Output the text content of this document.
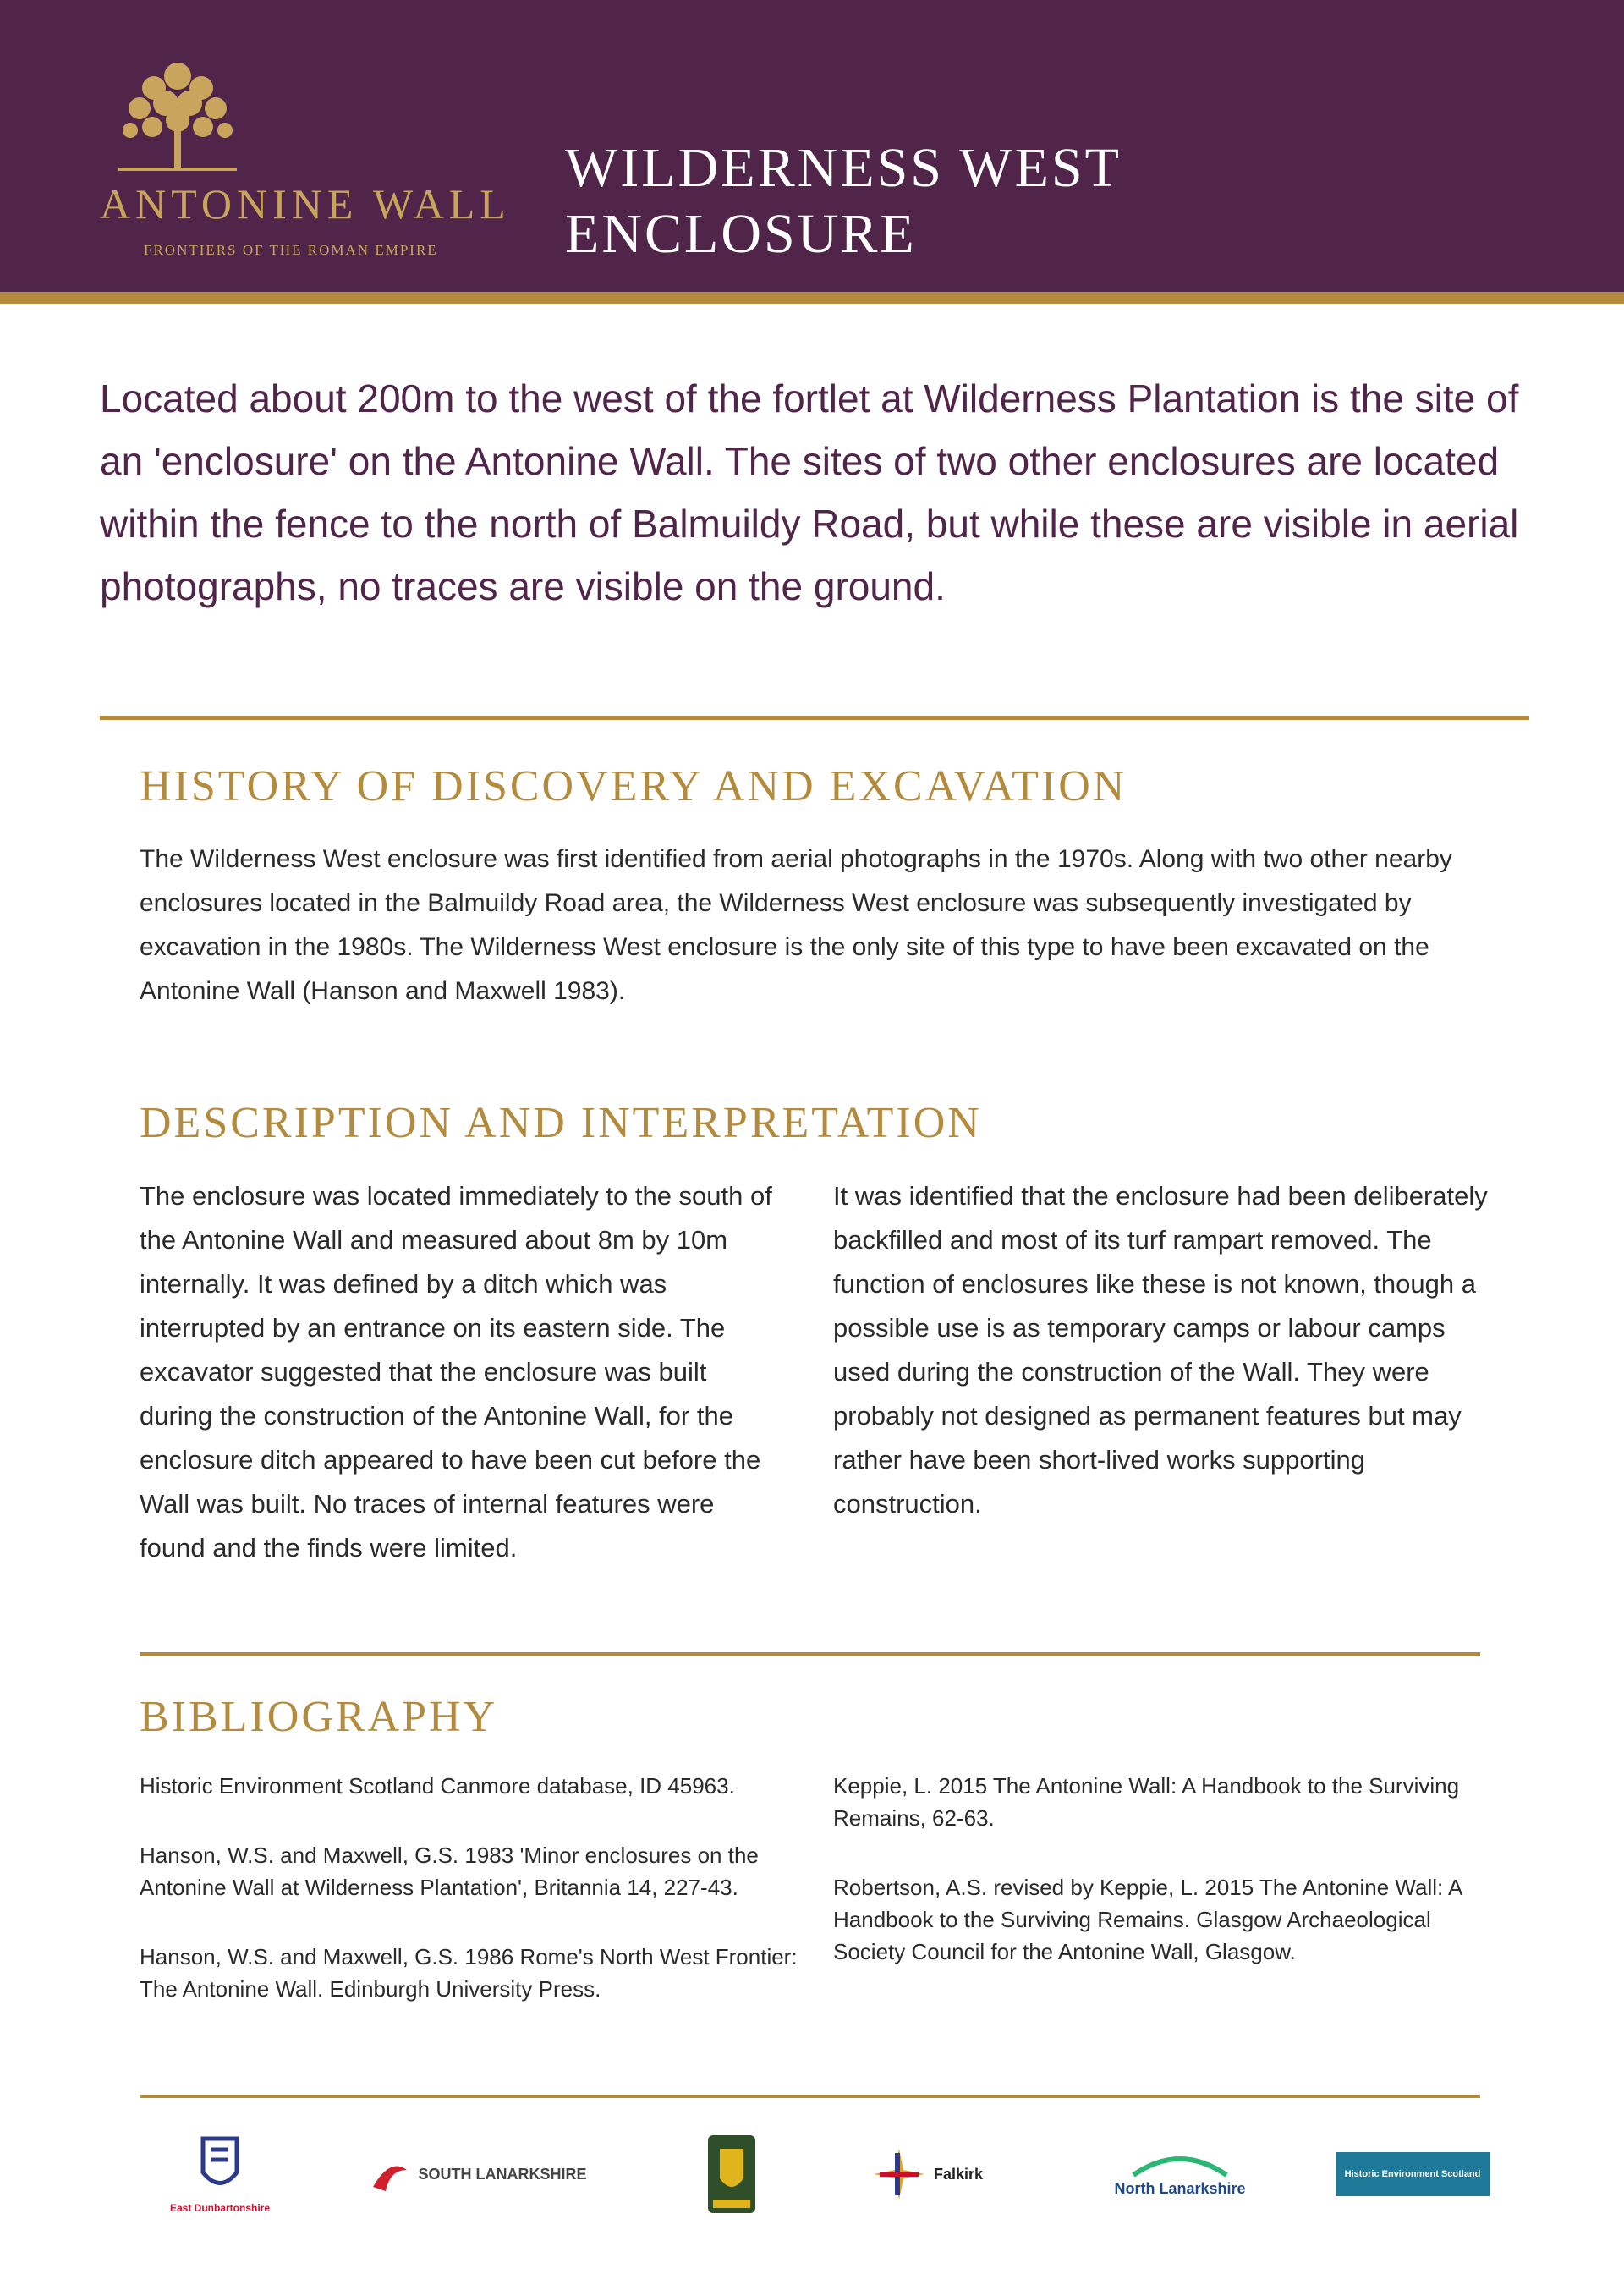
ANTONINE WALL
FRONTIERS OF THE ROMAN EMPIRE
WILDERNESS WEST
ENCLOSURE
Located about 200m to the west of the fortlet at Wilderness Plantation is the site of an 'enclosure' on the Antonine Wall. The sites of two other enclosures are located within the fence to the north of Balmuildy Road, but while these are visible in aerial photographs, no traces are visible on the ground.
HISTORY OF DISCOVERY AND EXCAVATION
The Wilderness West enclosure was first identified from aerial photographs in the 1970s. Along with two other nearby enclosures located in the Balmuildy Road area, the Wilderness West enclosure was subsequently investigated by excavation in the 1980s. The Wilderness West enclosure is the only site of this type to have been excavated on the Antonine Wall (Hanson and Maxwell 1983).
DESCRIPTION AND INTERPRETATION
The enclosure was located immediately to the south of the Antonine Wall and measured about 8m by 10m internally. It was defined by a ditch which was interrupted by an entrance on its eastern side. The excavator suggested that the enclosure was built during the construction of the Antonine Wall, for the enclosure ditch appeared to have been cut before the Wall was built. No traces of internal features were found and the finds were limited.
It was identified that the enclosure had been deliberately backfilled and most of its turf rampart removed. The function of enclosures like these is not known, though a possible use is as temporary camps or labour camps used during the construction of the Wall. They were probably not designed as permanent features but may rather have been short-lived works supporting construction.
BIBLIOGRAPHY
Historic Environment Scotland Canmore database, ID 45963.
Hanson, W.S. and Maxwell, G.S. 1983 'Minor enclosures on the Antonine Wall at Wilderness Plantation', Britannia 14, 227-43.
Hanson, W.S. and Maxwell, G.S. 1986 Rome's North West Frontier: The Antonine Wall. Edinburgh University Press.
Keppie, L. 2015 The Antonine Wall: A Handbook to the Surviving Remains, 62-63.
Robertson, A.S. revised by Keppie, L. 2015 The Antonine Wall: A Handbook to the Surviving Remains. Glasgow Archaeological Society Council for the Antonine Wall, Glasgow.
East Dunbartonshire
SOUTH LANARKSHIRE	Falkirk
North Lanarkshire
Historic Environment Scotland
